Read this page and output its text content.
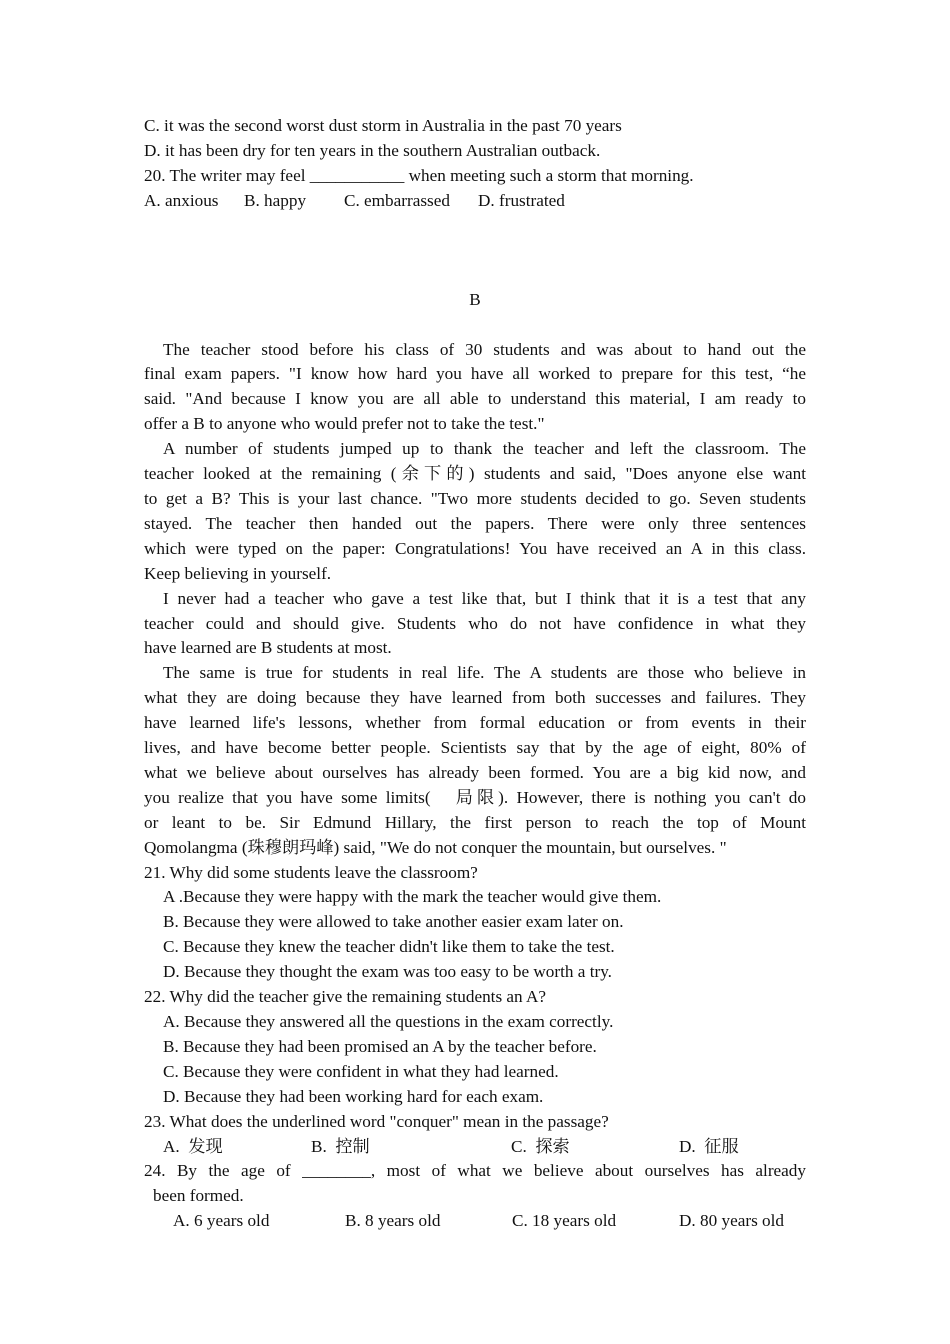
C. it was the second worst dust storm in Australia in the past 70 years
D. it has been dry for ten years in the southern Australian outback.
20. The writer may feel ___________ when meeting such a storm that morning.
A. anxious	B. happy	C. embarrassed	D. frustrated
B
The teacher stood before his class of 30 students and was about to hand out the
final exam papers. "I know how hard you have all worked to prepare for this test, “he
said. "And because I know you are all able to understand this material, I am ready to
offer a B to anyone who would prefer not to take the test."
A number of students jumped up to thank the teacher and left the classroom. The
teacher looked at the remaining (余下的) students and said, "Does anyone else want
to get a B? This is your last chance. "Two more students decided to go. Seven students
stayed. The teacher then handed out the papers. There were only three sentences
which were typed on the paper: Congratulations! You have received an A in this class.
Keep believing in yourself.
I never had a teacher who gave a test like that, but I think that it is a test that any
teacher could and should give. Students who do not have confidence in what they
have learned are B students at most.
The same is true for students in real life. The A students are those who believe in
what they are doing because they have learned from both successes and failures. They
have learned life's lessons, whether from formal education or from events in their
lives, and have become better people. Scientists say that by the age of eight, 80% of
what we believe about ourselves has already been formed. You are a big kid now, and
you realize that you have some limits(　局限). However, there is nothing you can't do
or leant to be. Sir Edmund Hillary, the first person to reach the top of Mount
Qomolangma (珠穆朗玛峰) said, "We do not conquer the mountain, but ourselves. "
21. Why did some students leave the classroom?
A .Because they were happy with the mark the teacher would give them.
B. Because they were allowed to take another easier exam later on.
C. Because they knew the teacher didn't like them to take the test.
D. Because they thought the exam was too easy to be worth a try.
22. Why did the teacher give the remaining students an A?
A. Because they answered all the questions in the exam correctly.
B. Because they had been promised an A by the teacher before.
C. Because they were confident in what they had learned.
D. Because they had been working hard for each exam.
23. What does the underlined word "conquer" mean in the passage?
A.  发现	B.  控制	C.  探索	D.  征服
24. By the age of ________, most of what we believe about ourselves has already
been formed.
A. 6 years old	B. 8 years old	C. 18 years old	D. 80 years old
